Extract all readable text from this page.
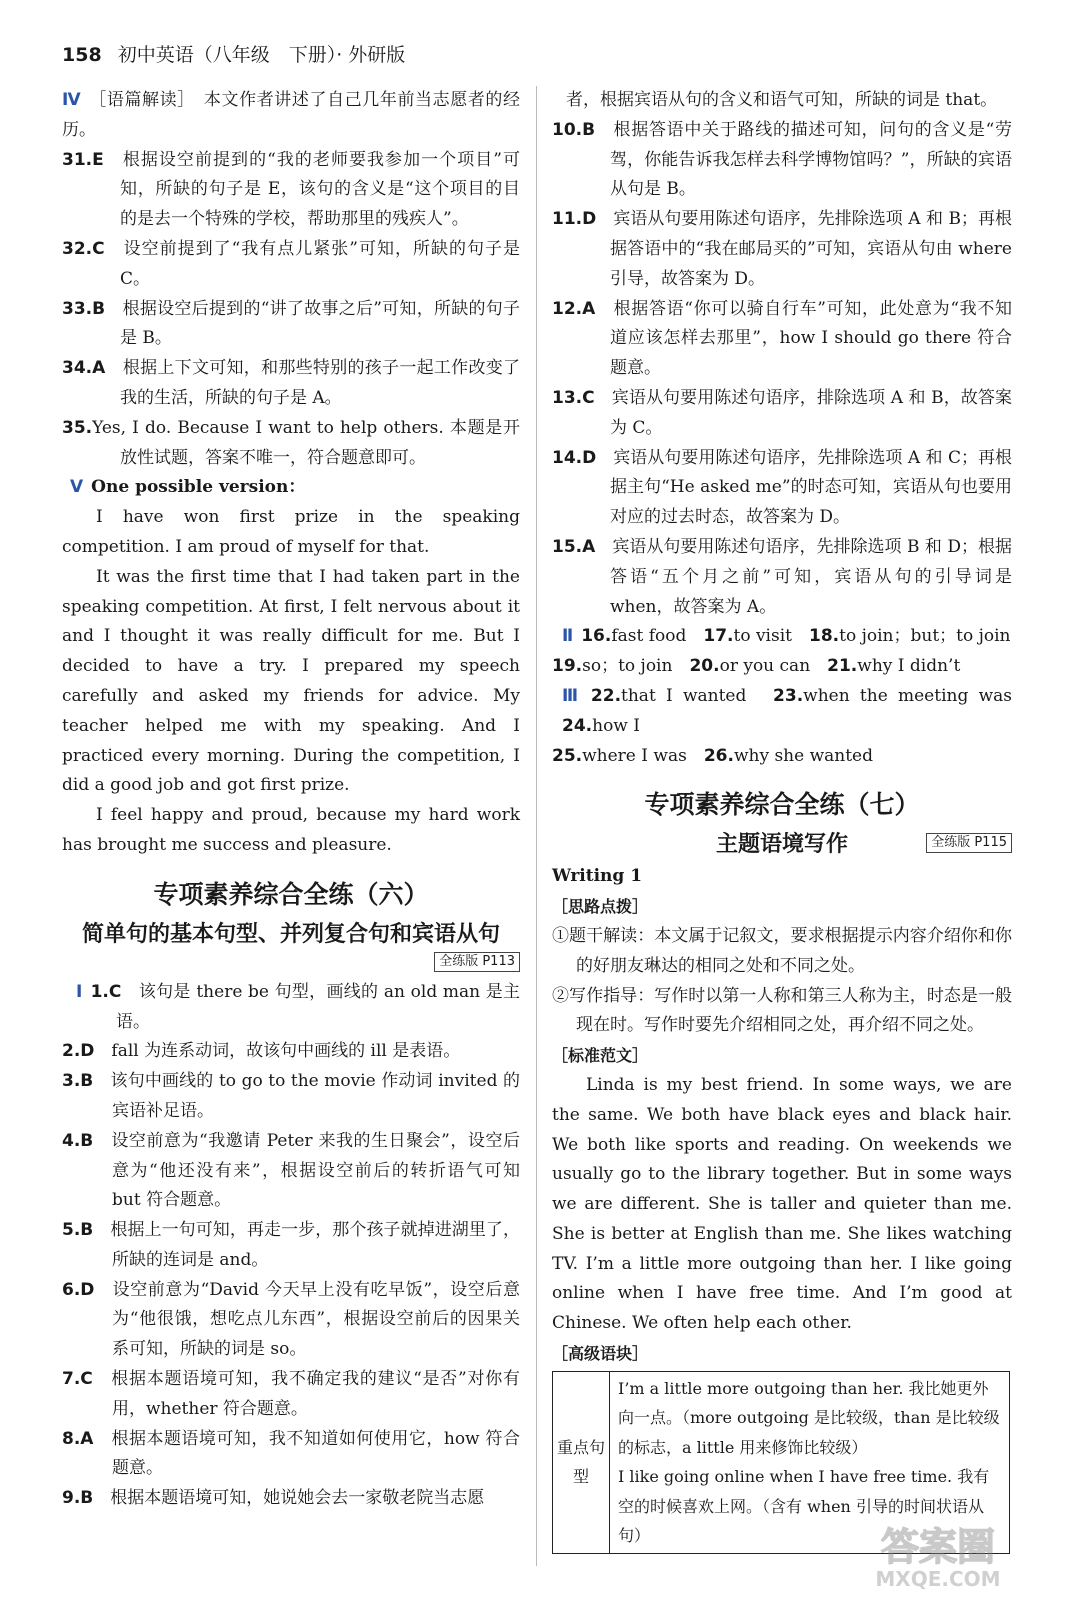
158 初中英语（八年级　下册）· 外研版

Ⅳ ［语篇解读］　本文作者讲述了自己几年前当志愿者的经历。

31.E　 根据设空前提到的“我的老师要我参加一个项目”可知，所缺的句子是 E，该句的含义是“这个项目的目的是去一个特殊的学校，帮助那里的残疾人”。

32.C　 设空前提到了“我有点儿紧张”可知，所缺的句子是 C。

33.B　 根据设空后提到的“讲了故事之后”可知，所缺的句子是 B。

34.A　 根据上下文可知，和那些特别的孩子一起工作改变了我的生活，所缺的句子是 A。

35.Yes, I do. Because I want to help others. 本题是开放性试题，答案不唯一，符合题意即可。

Ⅴ One possible version：

I have won first prize in the speaking competition. I am proud of myself for that.

It was the first time that I had taken part in the speaking competition. At first, I felt nervous about it and I thought it was really difficult for me. But I decided to have a try. I prepared my speech carefully and asked my friends for advice. My teacher helped me with my speaking. And I practiced every morning. During the competition, I did a good job and got first prize.

I feel happy and proud, because my hard work has brought me success and pleasure.

专项素养综合全练（六）
简单句的基本句型、并列复合句和宾语从句
全练版 P113

Ⅰ 1.C　 该句是 there be 句型，画线的 an old man 是主语。

2.D　 fall 为连系动词，故该句中画线的 ill 是表语。

3.B　 该句中画线的 to go to the movie 作动词 invited 的宾语补足语。

4.B　 设空前意为“我邀请 Peter 来我的生日聚会”，设空后意为“他还没有来”，根据设空前后的转折语气可知 but 符合题意。

5.B　 根据上一句可知，再走一步，那个孩子就掉进湖里了，所缺的连词是 and。

6.D　 设空前意为“David 今天早上没有吃早饭”，设空后意为“他很饿，想吃点儿东西”，根据设空前后的因果关系可知，所缺的词是 so。

7.C　 根据本题语境可知，我不确定我的建议“是否”对你有用，whether 符合题意。

8.A　 根据本题语境可知，我不知道如何使用它，how 符合题意。

9.B　 根据本题语境可知，她说她会去一家敬老院当志愿

者，根据宾语从句的含义和语气可知，所缺的词是 that。

10.B　 根据答语中关于路线的描述可知，问句的含义是“劳驾，你能告诉我怎样去科学博物馆吗？”，所缺的宾语从句是 B。

11.D　 宾语从句要用陈述句语序，先排除选项 A 和 B；再根据答语中的“我在邮局买的”可知，宾语从句由 where 引导，故答案为 D。

12.A　 根据答语“你可以骑自行车”可知，此处意为“我不知道应该怎样去那里”，how I should go there 符合题意。

13.C　 宾语从句要用陈述句语序，排除选项 A 和 B，故答案为 C。

14.D　 宾语从句要用陈述句语序，先排除选项 A 和 C；再根据主句“He asked me”的时态可知，宾语从句也要用对应的过去时态，故答案为 D。

15.A　 宾语从句要用陈述句语序，先排除选项 B 和 D；根据答语“五个月之前”可知，宾语从句的引导词是 when，故答案为 A。

Ⅱ 16.fast food　 17.to visit　 18.to join；but；to join

19.so；to join　 20.or you can　 21.why I didn’t

Ⅲ 22.that I wanted　 23.when the meeting was　24.how I

25.where I was　 26.why she wanted

专项素养综合全练（七）
主题语境写作	全练版 P115

Writing 1

［思路点拨］

①题干解读：本文属于记叙文，要求根据提示内容介绍你和你的好朋友琳达的相同之处和不同之处。

②写作指导：写作时以第一人称和第三人称为主，时态是一般现在时。写作时要先介绍相同之处，再介绍不同之处。

［标准范文］

Linda is my best friend. In some ways, we are the same. We both have black eyes and black hair. We both like sports and reading. On weekends we usually go to the library together. But in some ways we are different. She is taller and quieter than me. She is better at English than me. She likes watching TV. I’m a little more outgoing than her. I like going online when I have free time. And I’m good at Chinese. We often help each other.

［高级语块］
重点句型	
I’m a little more outgoing than her. 我比她更外向一点。（more outgoing 是比较级，than 是比较级的标志，a little 用来修饰比较级）
I like going online when I have free time. 我有空的时候喜欢上网。（含有 when 引导的时间状语从句）	答案圈
MXQE.COM
